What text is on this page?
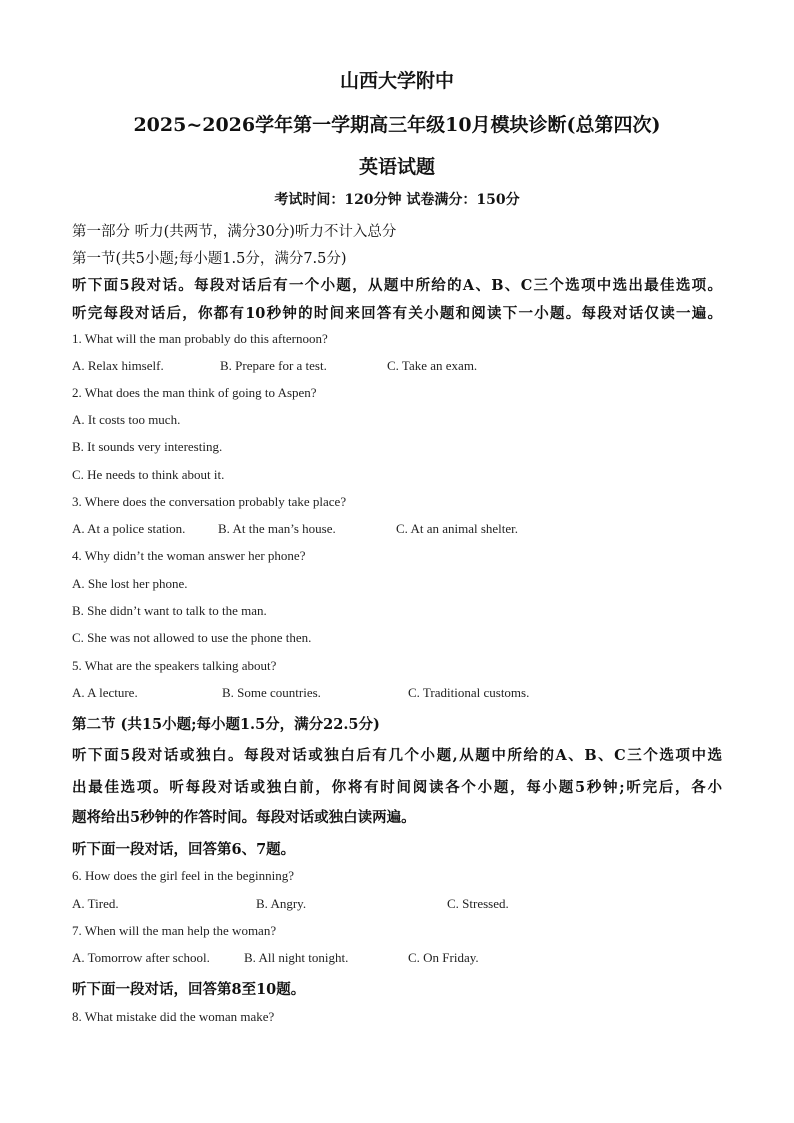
山西大学附中
2025~2026学年第一学期高三年级10月模块诊断(总第四次)
英语试题
考试时间：120分钟 试卷满分：150分
第一部分 听力(共两节，满分30分)听力不计入总分
第一节(共5小题;每小题1.5分，满分7.5分)
听下面5段对话。每段对话后有一个小题，从题中所给的A、B、C三个选项中选出最佳选项。
听完每段对话后，你都有10秒钟的时间来回答有关小题和阅读下一小题。每段对话仅读一遍。
1. What will the man probably do this afternoon?
A. Relax himself.	B. Prepare for a test.	C. Take an exam.
2. What does the man think of going to Aspen?
A. It costs too much.
B. It sounds very interesting.
C. He needs to think about it.
3. Where does the conversation probably take place?
A. At a police station.	B. At the man’s house.	C. At an animal shelter.
4. Why didn’t the woman answer her phone?
A. She lost her phone.
B. She didn’t want to talk to the man.
C. She was not allowed to use the phone then.
5. What are the speakers talking about?
A. A lecture.	B. Some countries.	C. Traditional customs.
第二节 (共15小题;每小题1.5分，满分22.5分)
听下面5段对话或独白。每段对话或独白后有几个小题,从题中所给的A、B、C三个选项中选
出最佳选项。听每段对话或独白前，你将有时间阅读各个小题，每小题5秒钟;听完后，各小
题将给出5秒钟的作答时间。每段对话或独白读两遍。
听下面一段对话，回答第6、7题。
6. How does the girl feel in the beginning?
A. Tired.	B. Angry.	C. Stressed.
7. When will the man help the woman?
A. Tomorrow after school.	B. All night tonight.	C. On Friday.
听下面一段对话，回答第8至10题。
8. What mistake did the woman make?
